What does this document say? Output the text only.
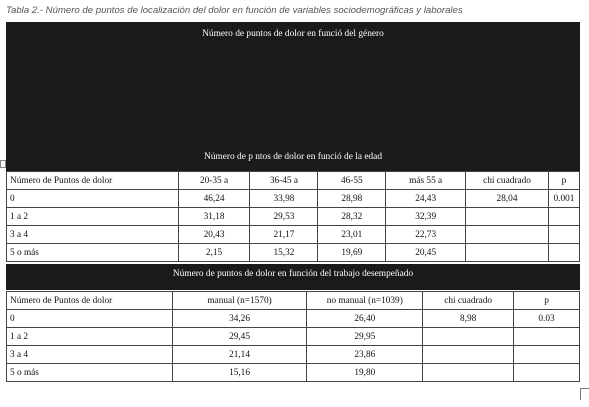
Tabla 2.- Número de puntos de localización del dolor en función de variables sociodemográficas y laborales
Número de puntos de dolor en funció del género
Número de p ntos de dolor en funció de la edad
Número de Puntos de dolor	20-35 a	36-45 a	46-55	más 55 a	chi cuadrado	p
0	46,24	33,98	28,98	24,43	28,04	0.001
1 a 2	31,18	29,53	28,32	32,39		
3 a 4	20,43	21,17	23,01	22,73		
5 o más	2,15	15,32	19,69	20,45		
Número de puntos de dolor en función del trabajo desempeñado
Número de Puntos de dolor	manual (n=1570)	no manual (n=1039)	chi cuadrado	p
0	34,26	26,40	8,98	0.03
1 a 2	29,45	29,95		
3 a 4	21,14	23,86		
5 o más	15,16	19,80		
